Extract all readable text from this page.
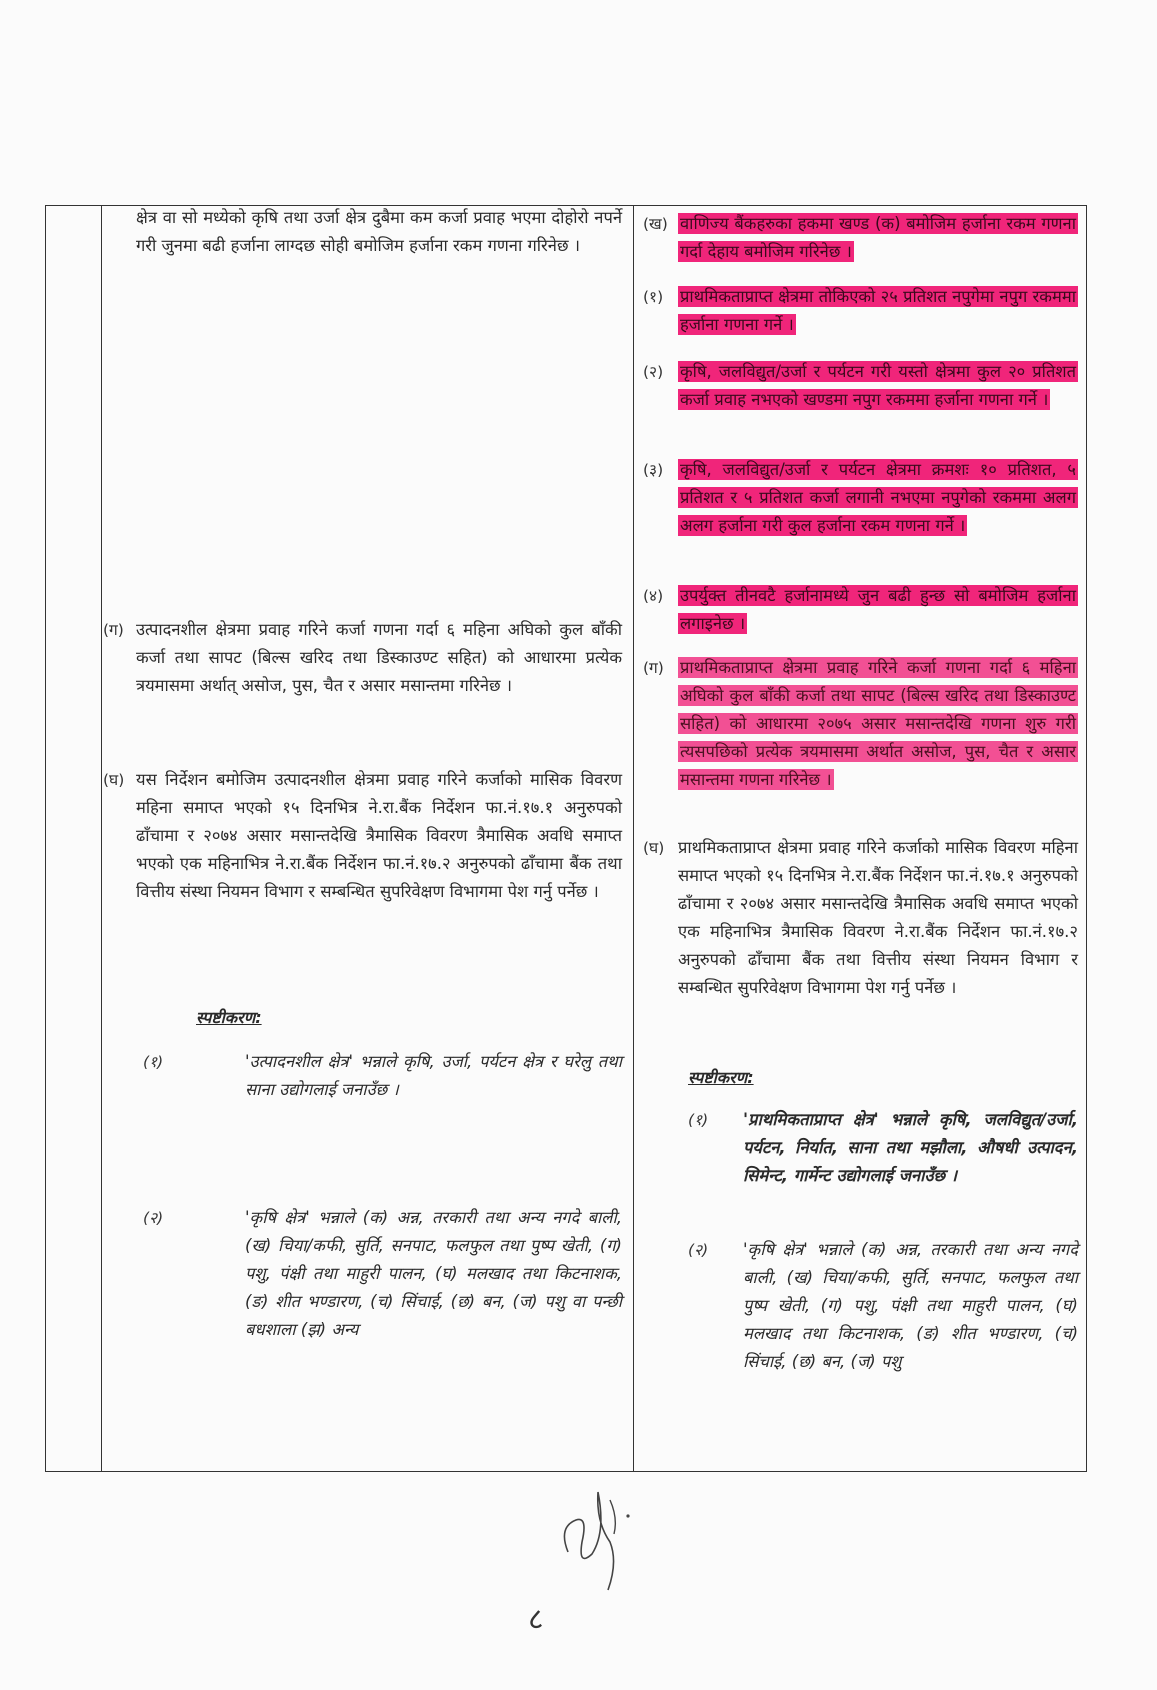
क्षेत्र वा सो मध्येको कृषि तथा उर्जा क्षेत्र दुबैमा कम कर्जा प्रवाह भएमा दोहोरो नपर्ने गरी जुनमा बढी हर्जाना लाग्दछ सोही बमोजिम हर्जाना रकम गणना गरिनेछ ।
(ग) उत्पादनशील क्षेत्रमा प्रवाह गरिने कर्जा गणना गर्दा ६ महिना अघिको कुल बाँकी कर्जा तथा सापट (बिल्स खरिद तथा डिस्काउण्ट सहित) को आधारमा प्रत्येक त्रयमासमा अर्थात् असोज, पुस, चैत र असार मसान्तमा गरिनेछ ।
(घ) यस निर्देशन बमोजिम उत्पादनशील क्षेत्रमा प्रवाह गरिने कर्जाको मासिक विवरण महिना समाप्त भएको १५ दिनभित्र ने.रा.बैंक निर्देशन फा.नं.१७.१ अनुरुपको ढाँचामा र २०७४ असार मसान्तदेखि त्रैमासिक विवरण त्रैमासिक अवधि समाप्त भएको एक महिनाभित्र ने.रा.बैंक निर्देशन फा.नं.१७.२ अनुरुपको ढाँचामा बैंक तथा वित्तीय संस्था नियमन विभाग र सम्बन्धित सुपरिवेक्षण विभागमा पेश गर्नु पर्नेछ ।
स्पष्टीकरण:
(१)	'उत्पादनशील क्षेत्र' भन्नाले कृषि, उर्जा, पर्यटन क्षेत्र र घरेलु तथा साना उद्योगलाई जनाउँछ ।
(२)	'कृषि क्षेत्र' भन्नाले (क) अन्न, तरकारी तथा अन्य नगदे बाली, (ख) चिया/कफी, सुर्ति, सनपाट, फलफुल तथा पुष्प खेती, (ग) पशु, पंक्षी तथा माहुरी पालन, (घ) मलखाद तथा किटनाशक, (ङ) शीत भण्डारण, (च) सिंचाई, (छ) बन, (ज) पशु वा पन्छी बधशाला (झ) अन्य
(ख) वाणिज्य बैंकहरुका हकमा खण्ड (क) बमोजिम हर्जाना रकम गणना गर्दा देहाय बमोजिम गरिनेछ ।
(१) प्राथमिकताप्राप्त क्षेत्रमा तोकिएको २५ प्रतिशत नपुगेमा नपुग रकममा हर्जाना गणना गर्ने ।
(२) कृषि, जलविद्युत/उर्जा र पर्यटन गरी यस्तो क्षेत्रमा कुल २० प्रतिशत कर्जा प्रवाह नभएको खण्डमा नपुग रकममा हर्जाना गणना गर्ने ।
(३) कृषि, जलविद्युत/उर्जा र पर्यटन क्षेत्रमा क्रमशः १० प्रतिशत, ५ प्रतिशत र ५ प्रतिशत कर्जा लगानी नभएमा नपुगेको रकममा अलग अलग हर्जाना गरी कुल हर्जाना रकम गणना गर्ने ।
(४) उपर्युक्त तीनवटै हर्जानामध्ये जुन बढी हुन्छ सो बमोजिम हर्जाना लगाइनेछ ।
(ग) प्राथमिकताप्राप्त क्षेत्रमा प्रवाह गरिने कर्जा गणना गर्दा ६ महिना अघिको कुल बाँकी कर्जा तथा सापट (बिल्स खरिद तथा डिस्काउण्ट सहित) को आधारमा २०७५ असार मसान्तदेखि गणना शुरु गरी त्यसपछिको प्रत्येक त्रयमासमा अर्थात असोज, पुस, चैत र असार मसान्तमा गणना गरिनेछ ।
(घ) प्राथमिकताप्राप्त क्षेत्रमा प्रवाह गरिने कर्जाको मासिक विवरण महिना समाप्त भएको १५ दिनभित्र ने.रा.बैंक निर्देशन फा.नं.१७.१ अनुरुपको ढाँचामा र २०७४ असार मसान्तदेखि त्रैमासिक अवधि समाप्त भएको एक महिनाभित्र त्रैमासिक विवरण ने.रा.बैंक निर्देशन फा.नं.१७.२ अनुरुपको ढाँचामा बैंक तथा वित्तीय संस्था नियमन विभाग र सम्बन्धित सुपरिवेक्षण विभागमा पेश गर्नु पर्नेछ ।
स्पष्टीकरण:
(१) 'प्राथमिकताप्राप्त क्षेत्र' भन्नाले कृषि, जलविद्युत/उर्जा, पर्यटन, निर्यात, साना तथा मझौला, औषधी उत्पादन, सिमेन्ट, गार्मेन्ट उद्योगलाई जनाउँछ ।
(२) 'कृषि क्षेत्र' भन्नाले (क) अन्न, तरकारी तथा अन्य नगदे बाली, (ख) चिया/कफी, सुर्ति, सनपाट, फलफुल तथा पुष्प खेती, (ग) पशु, पंक्षी तथा माहुरी पालन, (घ) मलखाद तथा किटनाशक, (ङ) शीत भण्डारण, (च) सिंचाई, (छ) बन, (ज) पशु
८
